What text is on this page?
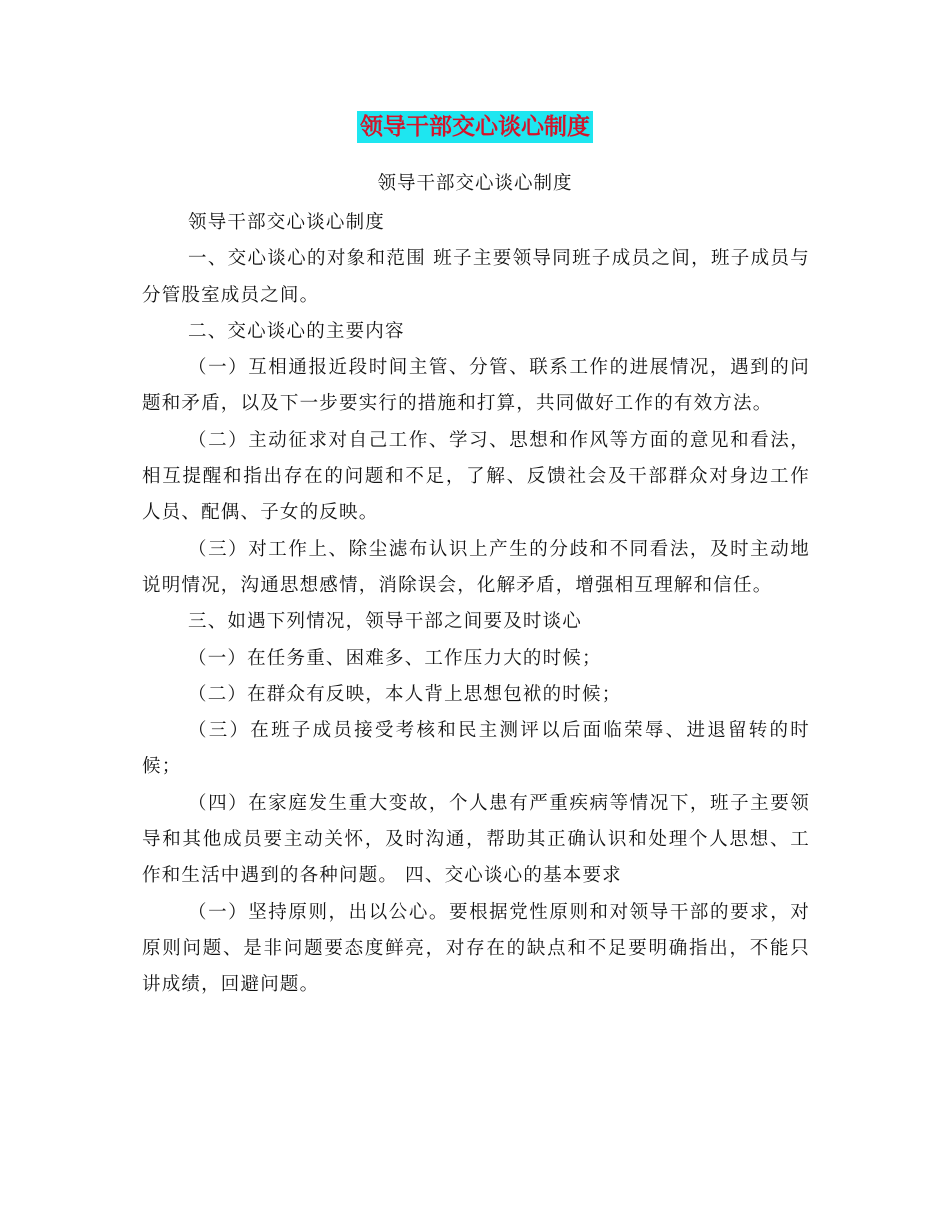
领导干部交心谈心制度
领导干部交心谈心制度

领导干部交心谈心制度

一、交心谈心的对象和范围 班子主要领导同班子成员之间，班子成员与分管股室成员之间。

二、交心谈心的主要内容

（一）互相通报近段时间主管、分管、联系工作的进展情况，遇到的问题和矛盾，以及下一步要实行的措施和打算，共同做好工作的有效方法。

（二）主动征求对自己工作、学习、思想和作风等方面的意见和看法，相互提醒和指出存在的问题和不足，了解、反馈社会及干部群众对身边工作人员、配偶、子女的反映。

（三）对工作上、除尘滤布认识上产生的分歧和不同看法，及时主动地说明情况，沟通思想感情，消除误会，化解矛盾，增强相互理解和信任。

三、如遇下列情况，领导干部之间要及时谈心

（一）在任务重、困难多、工作压力大的时候；

（二）在群众有反映，本人背上思想包袱的时候；

（三）在班子成员接受考核和民主测评以后面临荣辱、进退留转的时候；

（四）在家庭发生重大变故，个人患有严重疾病等情况下，班子主要领导和其他成员要主动关怀，及时沟通，帮助其正确认识和处理个人思想、工作和生活中遇到的各种问题。 四、交心谈心的基本要求

（一）坚持原则，出以公心。要根据党性原则和对领导干部的要求，对原则问题、是非问题要态度鲜亮，对存在的缺点和不足要明确指出，不能只讲成绩，回避问题。
